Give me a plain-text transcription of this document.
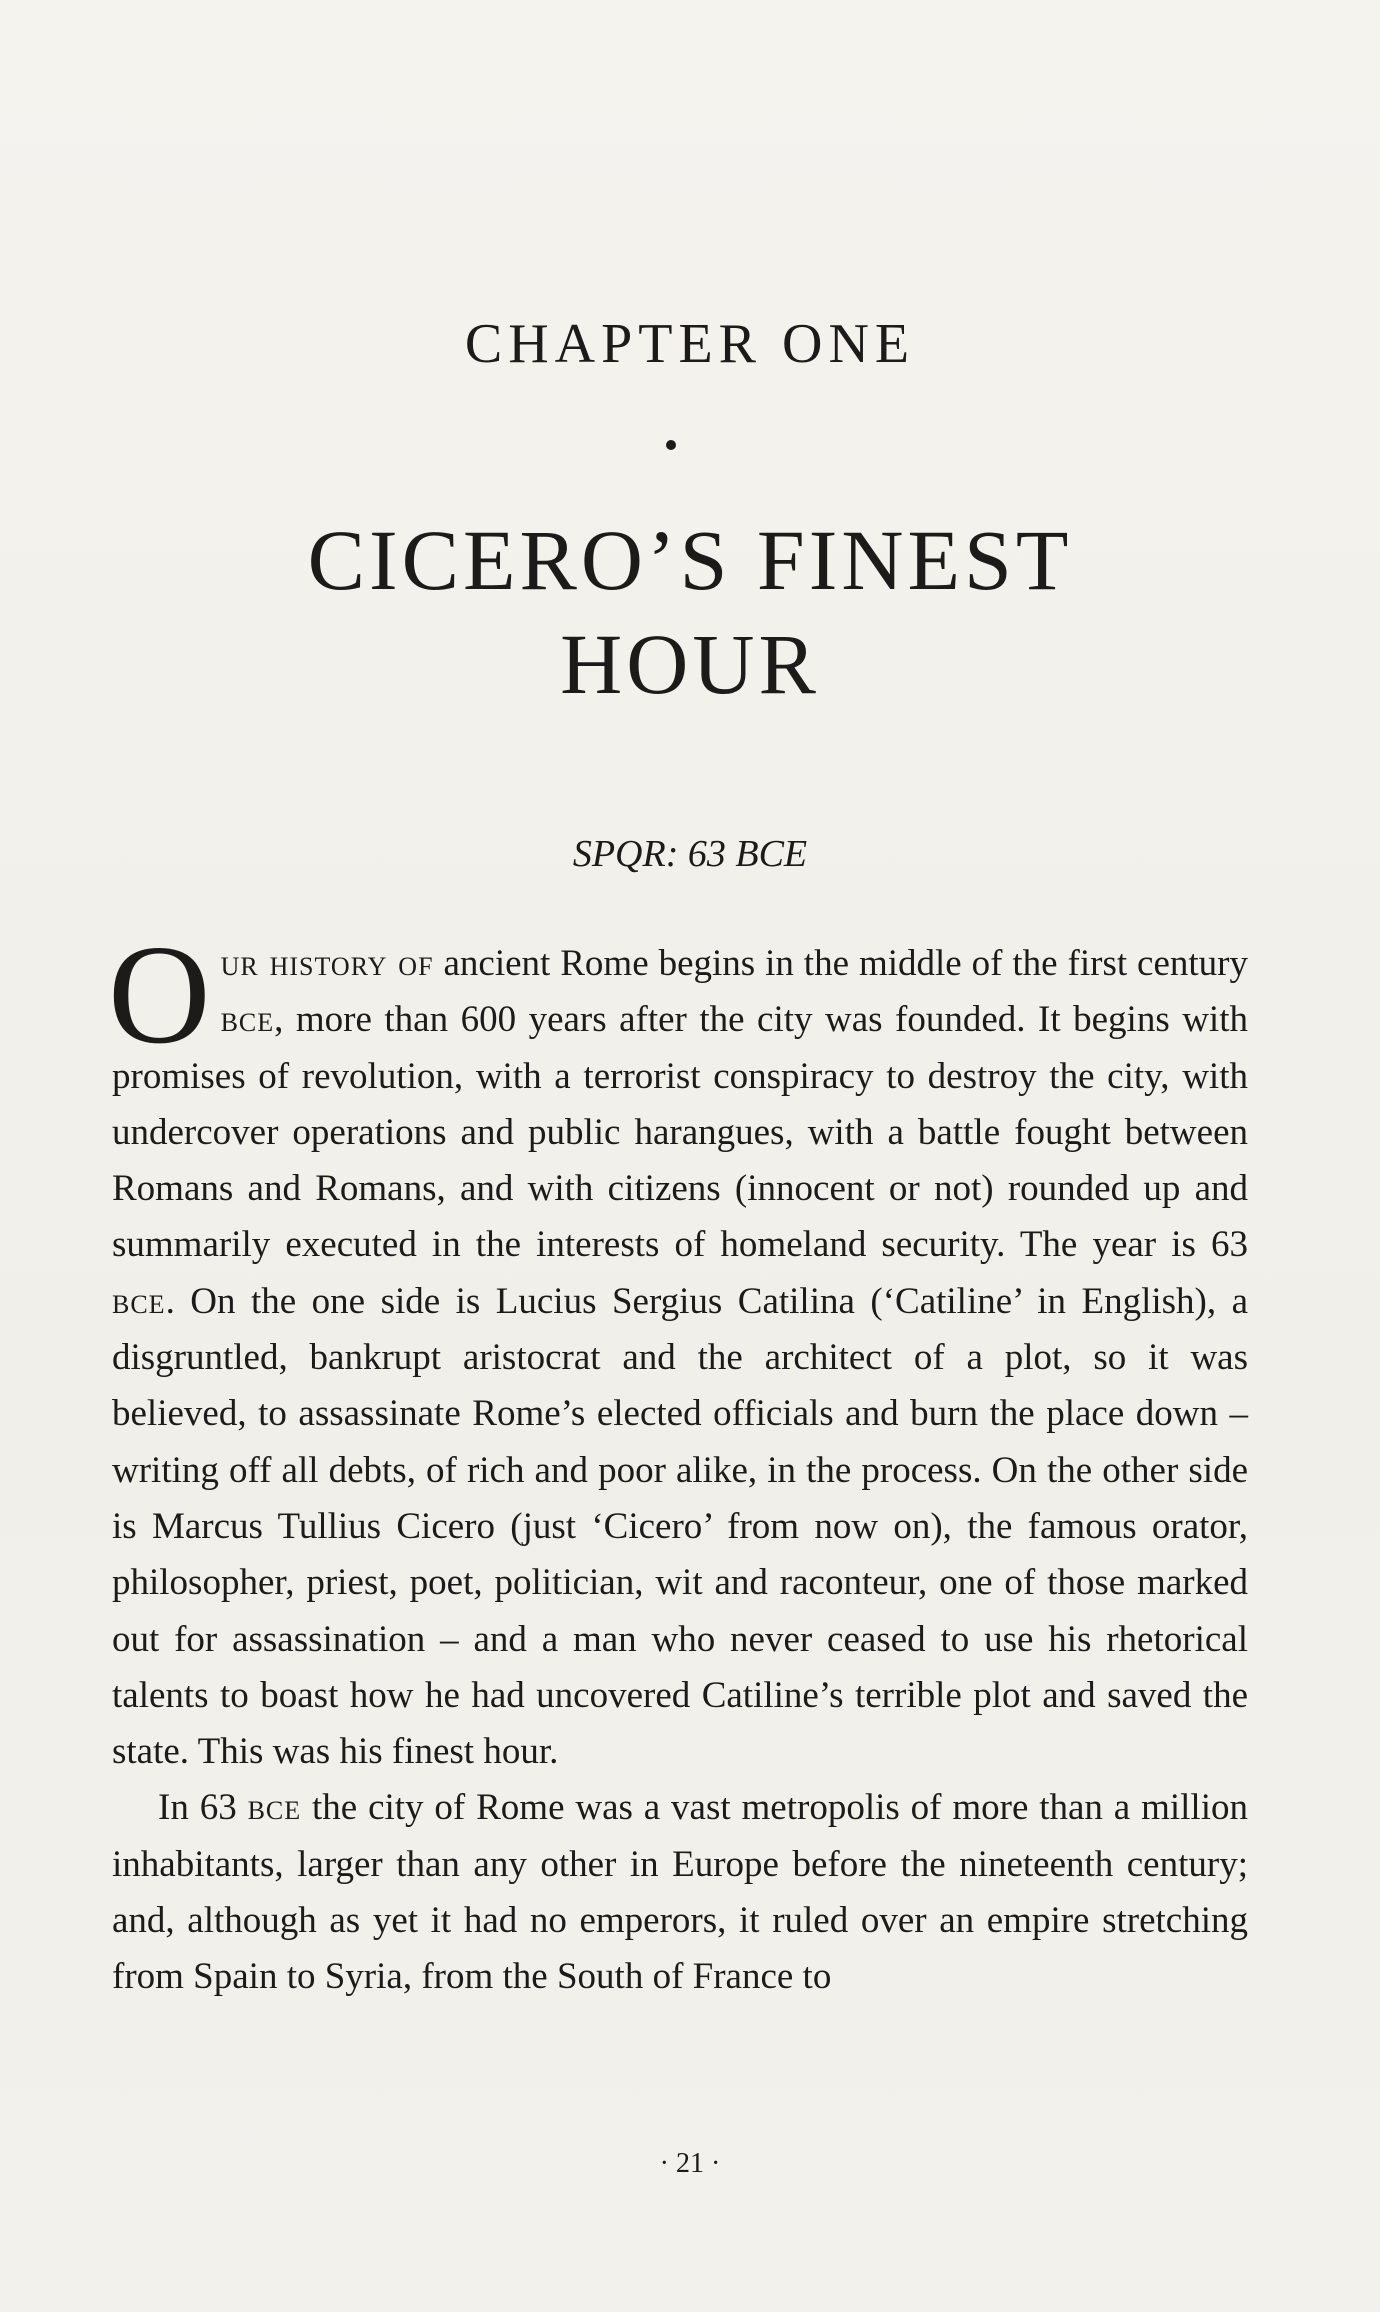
CHAPTER ONE
CICERO’S FINEST
HOUR

SPQR: 63 BCE

Our history of ancient Rome begins in the middle of the first century bce, more than 600 years after the city was founded. It begins with promises of revolution, with a terrorist conspiracy to destroy the city, with undercover operations and public harangues, with a battle fought between Romans and Romans, and with citizens (innocent or not) rounded up and summarily executed in the interests of homeland security. The year is 63 bce. On the one side is Lucius Sergius Catilina (‘Catiline’ in English), a disgruntled, bankrupt aristocrat and the architect of a plot, so it was believed, to assassinate Rome’s elected officials and burn the place down – writing off all debts, of rich and poor alike, in the process. On the other side is Marcus Tullius Cicero (just ‘Cicero’ from now on), the famous orator, philosopher, priest, poet, politician, wit and raconteur, one of those marked out for assassination – and a man who never ceased to use his rhetorical talents to boast how he had uncovered Catiline’s terrible plot and saved the state. This was his finest hour.

In 63 bce the city of Rome was a vast metropolis of more than a million inhabitants, larger than any other in Europe before the nineteenth century; and, although as yet it had no emperors, it ruled over an empire stretching from Spain to Syria, from the South of France to

· 21 ·
